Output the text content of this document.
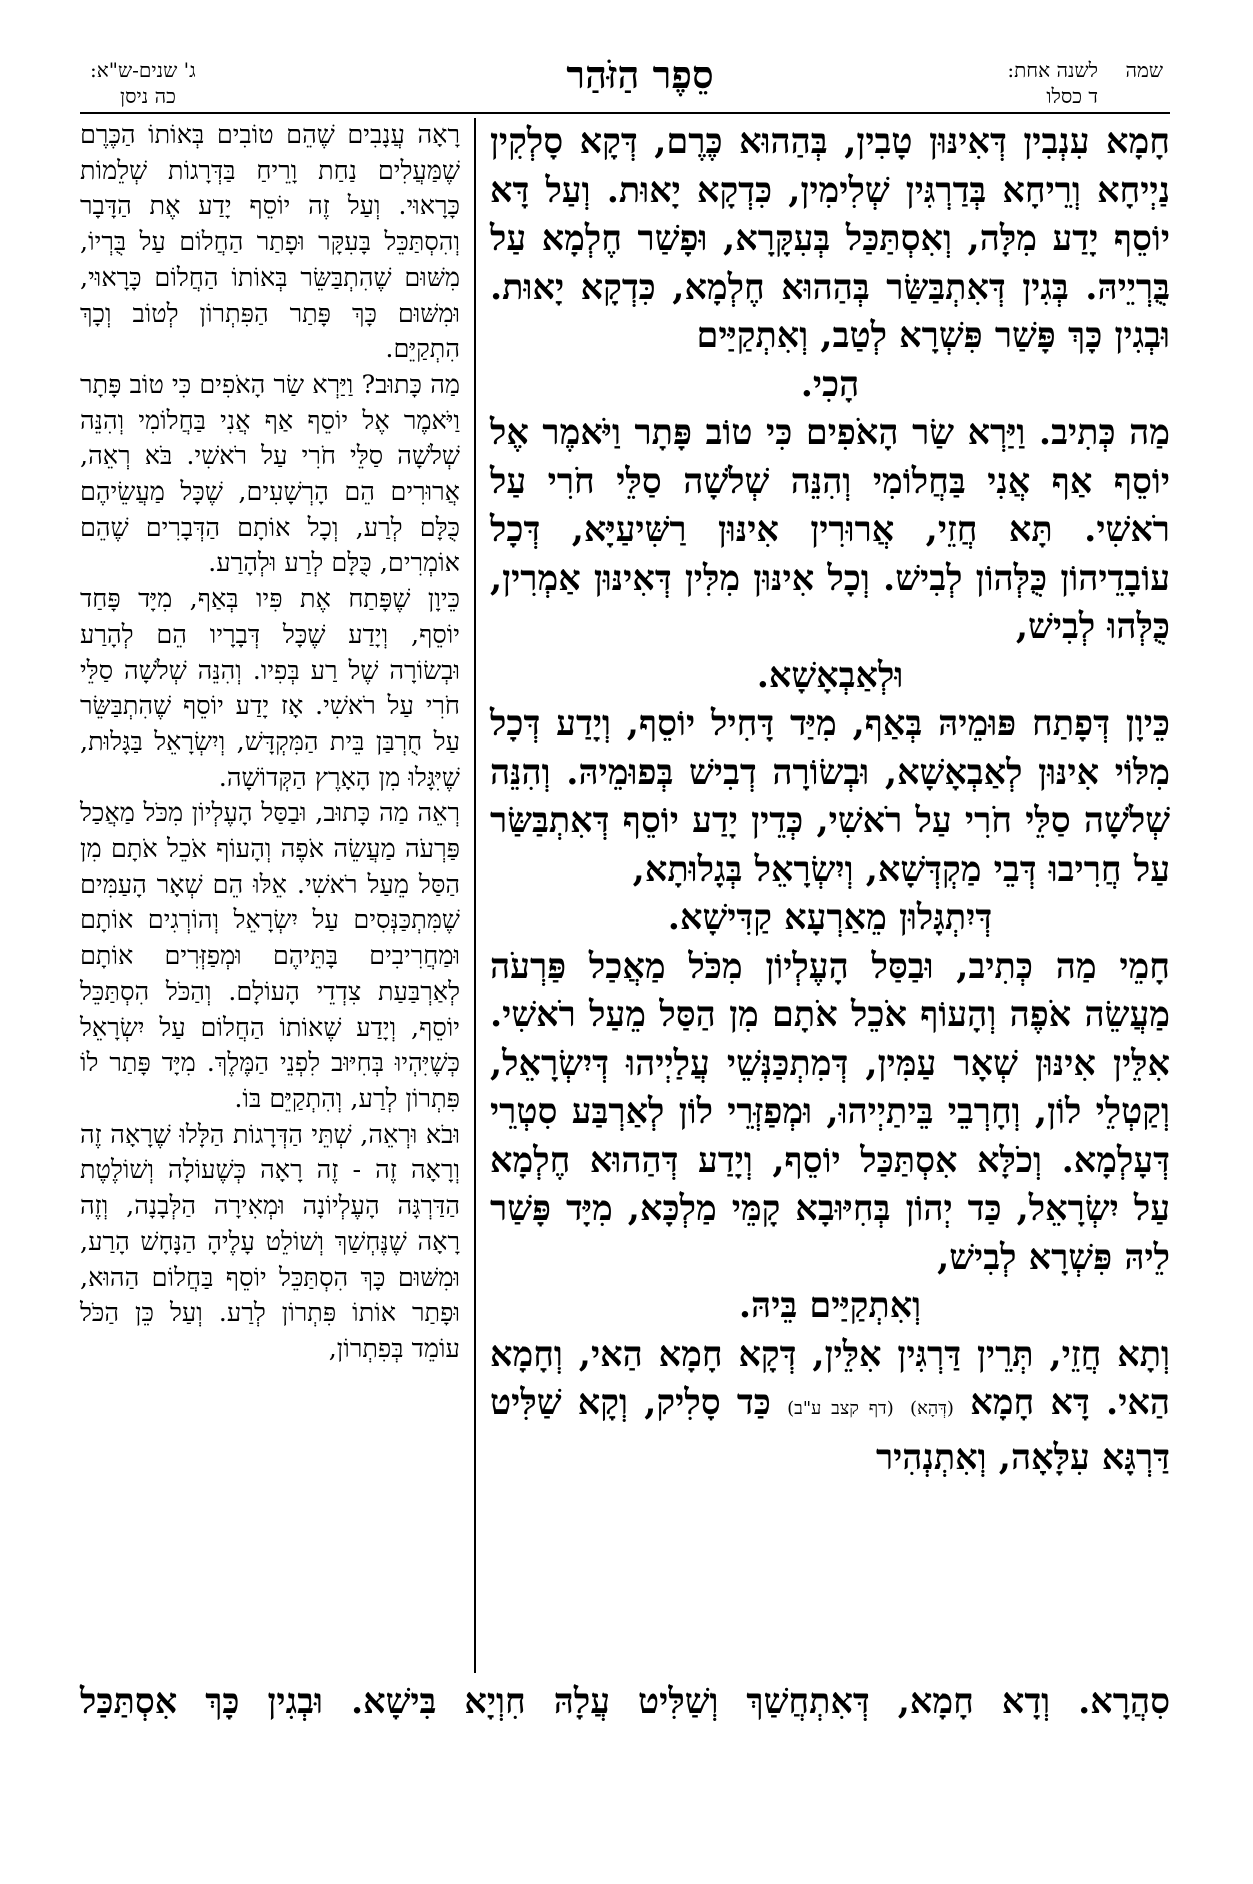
שמה
לשנה אחת:
ד כסלו
סֵפֶר הַזֹּהַר
ג' שנים-ש"א:
כה ניסן

חָמָא עִנְבִין דְּאִינּוּן טָבִין, בְּהַהוּא כֶּרֶם, דְּקָא סָלְקִין נַיְיחָא וְרֵיחָא בְּדַרְגִּין שְׁלִימִין, כִּדְקָא יָאוּת. וְעַל דָּא יוֹסֵף יָדַע מִלָּה, וְאִסְתַּכַּל בְּעִקָּרָא, וּפָשַׁר חֶלְמָא עַל בֻּרְיֵיהּ. בְּגִין דְּאִתְבַּשַּׂר בְּהַהוּא חֶלְמָא, כִּדְקָא יָאוּת. וּבְגִין כָּךְ פָּשַׁר פִּשְׁרָא לְטַב, וְאִתְקַיַּים

הָכִי.

מַה כְּתִיב. וַיַּרְא שַׂר הָאֹפִים כִּי טוֹב פָּתָר וַיֹּאמֶר אֶל יוֹסֵף אַף אֲנִי בַּחֲלוֹמִי וְהִנֵּה שְׁלֹשָׁה סַלֵּי חֹרִי עַל רֹאשִׁי. תָּא חֲזֵי, אֲרוּרִין אִינּוּן רַשִּׁיעַיָּא, דְּכָל עוֹבָדֵיהוֹן כֻּלְּהוֹן לְבִישׁ. וְכָל אִינּוּן מִלִּין דְּאִינּוּן אַמְרִין, כֻּלְּהוּ לְבִישׁ,

וּלְאַבְאָשָׁא.

כֵּיוָן דְּפָתַח פּוּמֵיהּ בְּאַף, מִיַּד דָּחִיל יוֹסֵף, וְיָדַע דְּכָל מִלּוֹי אִינּוּן לְאַבְאָשָׁא, וּבְשׂוֹרָה דְבִישׁ בְּפוּמֵיהּ. וְהִנֵּה שְׁלֹשָׁה סַלֵּי חֹרִי עַל רֹאשִׁי, כְּדֵין יָדַע יוֹסֵף דְּאִתְבַּשַּׂר עַל חֲרִיבוּ דְּבֵי מַקְדְּשָׁא, וְיִשְׂרָאֵל בְּגָלוּתָא,

דְּיִתְגָּלוּן מֵאַרְעָא קַדִּישָׁא.

חָמֵי מַה כְּתִיב, וּבַסַּל הָעֶלְיוֹן מִכֹּל מַאֲכַל פַּרְעֹה מַעֲשֵׂה אֹפֶה וְהָעוֹף אֹכֵל אֹתָם מִן הַסַּל מֵעַל רֹאשִׁי. אִלֵּין אִינּוּן שְׁאָר עַמִּין, דְּמִתְכַּנְּשֵׁי עֲלַיְיהוּ דְּיִשְׂרָאֵל, וְקַטְלֵי לוֹן, וְחָרְבֵי בֵּיתַיְיהוּ, וּמְפַזְּרֵי לוֹן לְאַרְבַּע סִטְרֵי דְּעָלְמָא. וְכֹלָּא אִסְתַּכַּל יוֹסֵף, וְיָדַע דְּהַהוּא חֶלְמָא עַל יִשְׂרָאֵל, כַּד יְהוֹן בְּחִיּוּבָא קָמֵּי מַלְכָּא, מִיָּד פָּשַׁר לֵיהּ פִּשְׁרָא לְבִישׁ,

וְאִתְקַיַּים בֵּיהּ.

וְתָא חֲזֵי, תְּרֵין דַּרְגִּין אִלֵּין, דְּקָא חָמָא הַאי, וְחָמָא הַאי. דָּא חָמָא (דְּהָא) (דף קצב ע"ב) כַּד סָלִיק, וְקָא שַׁלִּיט דַּרְגָּא עִלָּאָה, וְאִתְנְהִיר

רָאָה עֲנָבִים שֶׁהֵם טוֹבִים בְּאוֹתוֹ הַכֶּרֶם שֶׁמַּעֲלִים נַחַת וָרֵיחַ בַּדְּרָגוֹת שְׁלֵמוֹת כָּרָאוּי. וְעַל זֶה יוֹסֵף יָדַע אֶת הַדָּבָר וְהִסְתַּכֵּל בָּעִקָּר וּפָתַר הַחֲלוֹם עַל בֻּרְיוֹ, מִשּׁוּם שֶׁהִתְבַּשֵּׂר בְּאוֹתוֹ הַחֲלוֹם כָּרָאוּי, וּמִשּׁוּם כָּךְ פָּתַר הַפִּתְרוֹן לְטוֹב וְכָךְ הִתְקַיֵּם.

מַה כָּתוּב? וַיַּרְא שַׂר הָאֹפִים כִּי טוֹב פָּתָר וַיֹּאמֶר אֶל יוֹסֵף אַף אֲנִי בַּחֲלוֹמִי וְהִנֵּה שְׁלֹשָׁה סַלֵּי חֹרִי עַל רֹאשִׁי. בֹּא רְאֵה, אֲרוּרִים הֵם הָרְשָׁעִים, שֶׁכָּל מַעֲשֵׂיהֶם כֻּלָּם לְרַע, וְכָל אוֹתָם הַדְּבָרִים שֶׁהֵם אוֹמְרִים, כֻּלָּם לְרַע וּלְהָרַע.

כֵּיוָן שֶׁפָּתַח אֶת פִּיו בְּאַף, מִיָּד פָּחַד יוֹסֵף, וְיָדַע שֶׁכָּל דְּבָרָיו הֵם לְהָרַע וּבְשׂוֹרָה שֶׁל רַע בְּפִיו. וְהִנֵּה שְׁלֹשָׁה סַלֵּי חֹרִי עַל רֹאשִׁי. אָז יָדַע יוֹסֵף שֶׁהִתְבַּשֵּׂר עַל חֻרְבַּן בֵּית הַמִּקְדָּשׁ, וְיִשְׂרָאֵל בַּגָּלוּת, שֶׁיִּגָּלוּ מִן הָאָרֶץ הַקְּדוֹשָׁה.

רְאֵה מַה כָּתוּב, וּבַסַּל הָעֶלְיוֹן מִכֹּל מַאֲכַל פַּרְעֹה מַעֲשֵׂה אֹפֶה וְהָעוֹף אֹכֵל אֹתָם מִן הַסַּל מֵעַל רֹאשִׁי. אֵלּוּ הֵם שְׁאָר הָעַמִּים שֶׁמִּתְכַּנְּסִים עַל יִשְׂרָאֵל וְהוֹרְגִים אוֹתָם וּמַחֲרִיבִים בָּתֵּיהֶם וּמְפַזְּרִים אוֹתָם לְאַרְבַּעַת צִדְדֵי הָעוֹלָם. וְהַכֹּל הִסְתַּכֵּל יוֹסֵף, וְיָדַע שֶׁאוֹתוֹ הַחֲלוֹם עַל יִשְׂרָאֵל כְּשֶׁיִּהְיוּ בְּחִיּוּב לִפְנֵי הַמֶּלֶךְ. מִיָּד פָּתַר לוֹ פִּתְרוֹן לְרַע, וְהִתְקַיֵּם בּוֹ.

וּבֹא וּרְאֵה, שְׁתֵּי הַדְּרָגוֹת הַלָּלוּ שֶׁרָאָה זֶה וְרָאָה זֶה - זֶה רָאָה כְּשֶׁעוֹלָה וְשׁוֹלֶטֶת הַדַּרְגָּה הָעֶלְיוֹנָה וּמְאִירָה הַלְּבָנָה, וְזֶה רָאָה שֶׁנֶּחְשַׁךְ וְשׁוֹלֵט עָלֶיהָ הַנָּחָשׁ הָרַע, וּמִשּׁוּם כָּךְ הִסְתַּכֵּל יוֹסֵף בַּחֲלוֹם הַהוּא, וּפָתַר אוֹתוֹ פִּתְרוֹן לְרַע. וְעַל כֵּן הַכֹּל עוֹמֵד בְּפִתְרוֹן,

סִהֲרָא. וְדָא חָמָא, דְּאִתְחֲשַׁךְ וְשַׁלִּיט עֲלָהּ חִוְיָא בִּישָׁא. וּבְגִין כָּךְ אִסְתַּכַּל
